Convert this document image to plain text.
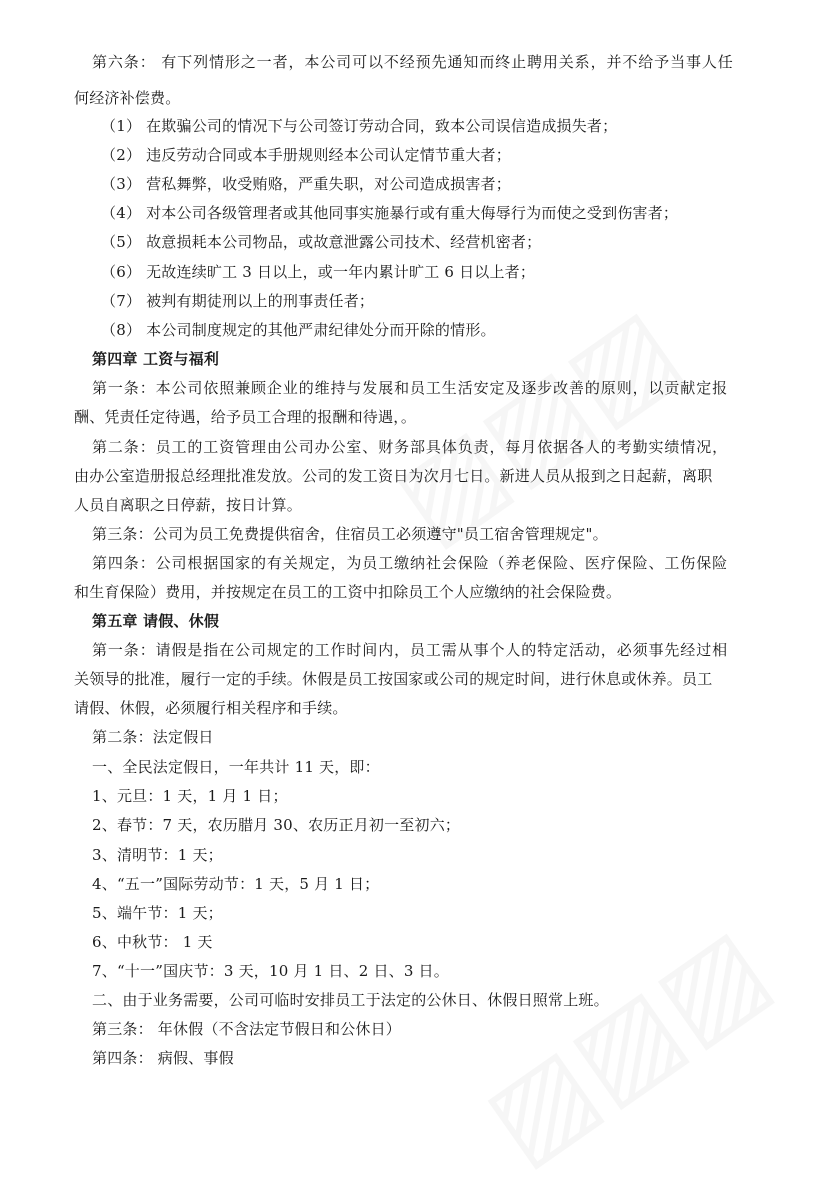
第六条： 有下列情形之一者，本公司可以不经预先通知而终止聘用关系，并不给予当事人任
何经济补偿费。
（1） 在欺骗公司的情况下与公司签订劳动合同，致本公司误信造成损失者；
（2） 违反劳动合同或本手册规则经本公司认定情节重大者；
（3） 营私舞弊，收受贿赂，严重失职，对公司造成损害者；
（4） 对本公司各级管理者或其他同事实施暴行或有重大侮辱行为而使之受到伤害者；
（5） 故意损耗本公司物品，或故意泄露公司技术、经营机密者；
（6） 无故连续旷工 3 日以上，或一年内累计旷工 6 日以上者；
（7） 被判有期徒刑以上的刑事责任者；
（8） 本公司制度规定的其他严肃纪律处分而开除的情形。
第四章 工资与福利
第一条：本公司依照兼顾企业的维持与发展和员工生活安定及逐步改善的原则，以贡献定报
酬、凭责任定待遇，给予员工合理的报酬和待遇，。
第二条：员工的工资管理由公司办公室、财务部具体负责，每月依据各人的考勤实绩情况，
由办公室造册报总经理批准发放。公司的发工资日为次月七日。新进人员从报到之日起薪，离职
人员自离职之日停薪，按日计算。
第三条：公司为员工免费提供宿舍，住宿员工必须遵守"员工宿舍管理规定"。
第四条：公司根据国家的有关规定，为员工缴纳社会保险（养老保险、医疗保险、工伤保险
和生育保险）费用，并按规定在员工的工资中扣除员工个人应缴纳的社会保险费。
第五章 请假、休假
第一条：请假是指在公司规定的工作时间内，员工需从事个人的特定活动，必须事先经过相
关领导的批准，履行一定的手续。休假是员工按国家或公司的规定时间，进行休息或休养。员工
请假、休假，必须履行相关程序和手续。
第二条：法定假日
一、全民法定假日，一年共计 11 天，即：
1、元旦：1 天，1 月 1 日；
2、春节：7 天，农历腊月 30、农历正月初一至初六；
3、清明节：1 天；
4、“五一”国际劳动节：1 天，5 月 1 日；
5、端午节：1 天；
6、中秋节： 1 天
7、“十一”国庆节：3 天，10 月 1 日、2 日、3 日。
二、由于业务需要，公司可临时安排员工于法定的公休日、休假日照常上班。
第三条： 年休假（不含法定节假日和公休日）
第四条： 病假、事假
